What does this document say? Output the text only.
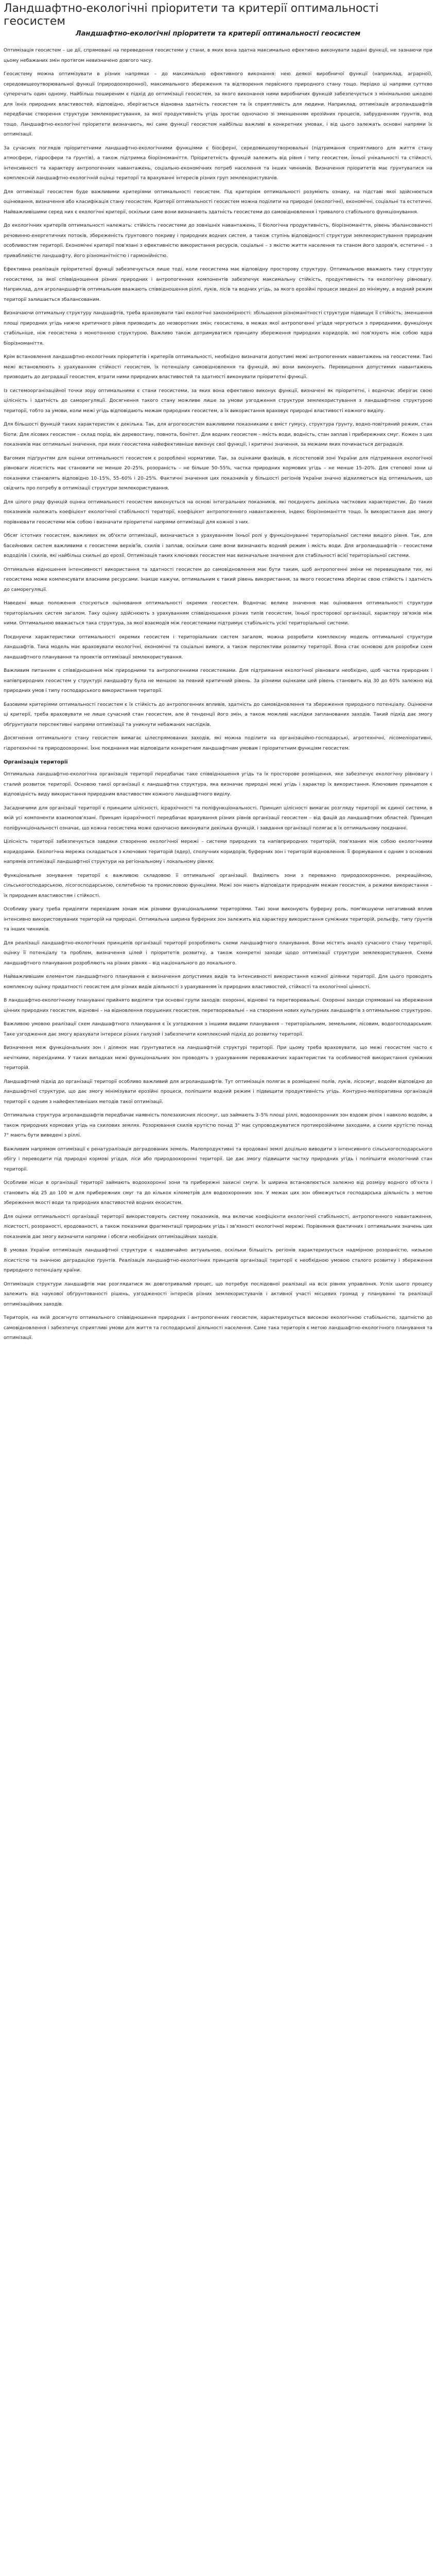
Ландшафтно-екологічні пріоритети та критерії оптимальності геосистем
Ландшафтно-екологічні пріоритети та критерії оптимальності геосистем

Оптимізація геосистем – це дії, спрямовані на переведення геосистеми у стани, в яких вона здатна максимально ефективно виконувати задані функції, не зазнаючи при цьому небажаних змін протягом невизначено довгого часу.

Геосистему можна оптимізувати в різних напрямах – до максимально ефективного виконання: нею деякої виробничої функції (наприклад, аграрної), середовищеоутворювальної функції (природоохоронної), максимального збереження та відтворення первісного природного стану тощо. Нерідко ці напрями суттєво суперечать один одному. Найбільш поширеним є підхід до оптимізації геосистем, за якого виконання ними виробничих функцій забезпечується з мінімальною шкодою для їхніх природних властивостей, відповідно, зберігається відновна здатність геосистем та їх сприятливість для людини. Наприклад, оптимізація агроландшафтів передбачає створення структури землекористування, за якої продуктивність угідь зростає одночасно зі зменшенням ерозійних процесів, забрудненням ґрунтів, вод тощо. Ландшафтно-екологічні пріоритети визначають, які саме функції геосистем найбільш важливі в конкретних умовах, і від цього залежать основні напрями їх оптимізації.

За сучасних поглядів пріоритетними ландшафтно-екологічними функціями є біосферні, середовищеоутворювальні (підтримання сприятливого для життя стану атмосфери, гідросфери та ґрунтів), а також підтримка біорізноманіття. Пріоритетність функцій залежить від рівня і типу геосистем, їхньої унікальності та стійкості, інтенсивності та характеру антропогенних навантажень, соціально-економічних потреб населення та інших чинників. Визначення пріоритетів має ґрунтуватися на комплексній ландшафтно-екологічній оцінці території та врахуванні інтересів різних груп землекористувачів.

Для оптимізації геосистем буде важливими критеріями оптимальності геосистем. Під критерієм оптимальності розуміють ознаку, на підставі якої здійснюється оцінювання, визначення або класифікація стану геосистем. Критерії оптимальності геосистем можна поділити на природні (екологічні), економічні, соціальні та естетичні. Найважливішими серед них є екологічні критерії, оскільки саме вони визначають здатність геосистеми до самовідновлення і тривалого стабільного функціонування.

До екологічних критеріїв оптимальності належать: стійкість геосистеми до зовнішніх навантажень, її біологічна продуктивність, біорізноманіття, рівень збалансованості речовинно-енергетичних потоків, збереженість ґрунтового покриву і природних водних систем, а також ступінь відповідності структури землекористування природним особливостям території. Економічні критерії пов'язані з ефективністю використання ресурсів, соціальні – з якістю життя населення та станом його здоров'я, естетичні – з привабливістю ландшафту, його різноманітністю і гармонійністю.

Ефективна реалізація пріоритетної функції забезпечується лише тоді, коли геосистема має відповідну просторову структуру. Оптимальною вважають таку структуру геосистеми, за якої співвідношення різних природних і антропогенних компонентів забезпечує максимальну стійкість, продуктивність та екологічну рівновагу. Наприклад, для агроландшафтів оптимальним вважають співвідношення ріллі, луків, лісів та водних угідь, за якого ерозійні процеси зведені до мінімуму, а водний режим території залишається збалансованим.

Визначаючи оптимальну структуру ландшафтів, треба враховувати такі екологічні закономірності: збільшення різноманітності структури підвищує її стійкість; зменшення площі природних угідь нижче критичного рівня призводить до незворотних змін; геосистема, в межах якої антропогенні угіддя чергуються з природними, функціонує стабільніше, ніж геосистема з монотонною структурою. Важливо також дотримуватися принципу збереження природних коридорів, які пов'язують між собою ядра біорізноманіття.

Крім встановлення ландшафтно-екологічних пріоритетів і критеріїв оптимальності, необхідно визначати допустимі межі антропогенних навантажень на геосистеми. Такі межі встановлюють з урахуванням стійкості геосистем, їх потенціалу самовідновлення та функцій, які вони виконують. Перевищення допустимих навантажень призводить до деградації геосистем, втрати ними природних властивостей та здатності виконувати пріоритетні функції.

Із системоорганізаційної точки зору оптимальними є стани геосистеми, за яких вона ефективно виконує функції, визначені як пріоритетні, і водночас зберігає свою цілісність і здатність до саморегуляції. Досягнення такого стану можливе лише за умови узгодження структури землекористування з ландшафтною структурою території, тобто за умови, коли межі угідь відповідають межам природних геосистем, а їх використання враховує природні властивості кожного виділу.

Для більшості функцій таких характеристик є декілька. Так, для агрогеосистем важливими показниками є вміст гумусу, структура ґрунту, водно-повітряний режим, стан біоти. Для лісових геосистем – склад порід, вік деревостану, повнота, бонітет. Для водних геосистем – якість води, водність, стан заплав і прибережних смуг. Кожен з цих показників має оптимальні значення, при яких геосистема найефективніше виконує свої функції, і критичні значення, за межами яких починається деградація.

Вагомим підґрунтям для оцінки оптимальності геосистем є розроблені нормативи. Так, за оцінками фахівців, в лісостеповій зоні України для підтримання екологічної рівноваги лісистість має становити не менше 20–25%, розораність – не більше 50–55%, частка природних кормових угідь – не менше 15–20%. Для степової зони ці показники становлять відповідно 10–15%, 55–60% і 20–25%. Фактичні значення цих показників у більшості регіонів України значно відхиляються від оптимальних, що свідчить про потребу в оптимізації структури землекористування.

Для цілого ряду функцій оцінка оптимальності геосистем виконується на основі інтегральних показників, які поєднують декілька часткових характеристик. До таких показників належать коефіцієнт екологічної стабільності території, коефіцієнт антропогенного навантаження, індекс біорізноманіття тощо. Їх використання дає змогу порівнювати геосистеми між собою і визначати пріоритетні напрями оптимізації для кожної з них.

Обсяг істотних геосистем, важливих як об'єкти оптимізації, визначається з урахуванням їхньої ролі у функціонуванні територіальної системи вищого рівня. Так, для басейнових систем важливими є геосистеми верхів'їв, схилів і заплав, оскільки саме вони визначають водний режим і якість води. Для агроландшафтів – геосистеми вододілів і схилів, які найбільш схильні до ерозії. Оптимізація таких ключових геосистем має визначальне значення для стабільності всієї територіальної системи.

Оптимальне відношення інтенсивності використання та здатності геосистем до самовідновлення має бути таким, щоб антропогенні зміни не перевищували тих, які геосистема може компенсувати власними ресурсами. Інакше кажучи, оптимальним є такий рівень використання, за якого геосистема зберігає свою стійкість і здатність до саморегуляції.

Наведені вище положення стосуються оцінювання оптимальності окремих геосистем. Водночас велике значення має оцінювання оптимальності структури територіальних систем загалом. Таку оцінку здійснюють з урахуванням співвідношення різних типів геосистем, їхньої просторової організації, характеру зв'язків між ними. Оптимальною вважається така структура, за якої взаємодія між геосистемами підтримує стабільність усієї територіальної системи.

Поєднуючи характеристики оптимальності окремих геосистем і територіальних систем загалом, можна розробити комплексну модель оптимальної структури ландшафтів. Така модель має враховувати екологічні, економічні та соціальні вимоги, а також перспективи розвитку території. Вона стає основою для розробки схем ландшафтного планування та проектів оптимізації землекористування.

Важливим питанням є співвідношення між природними та антропогенними геосистемами. Для підтримання екологічної рівноваги необхідно, щоб частка природних і напівприродних геосистем у структурі ландшафту була не меншою за певний критичний рівень. За різними оцінками цей рівень становить від 30 до 60% залежно від природних умов і типу господарського використання території.

Базовими критеріями оптимальності геосистем є їх стійкість до антропогенних впливів, здатність до самовідновлення та збереження природного потенціалу. Оцінюючи ці критерії, треба враховувати не лише сучасний стан геосистем, але й тенденції його змін, а також можливі наслідки запланованих заходів. Такий підхід дає змогу обґрунтувати перспективні напрями оптимізації та уникнути небажаних наслідків.

Досягнення оптимального стану геосистем вимагає цілеспрямованих заходів, які можна поділити на організаційно-господарські, агротехнічні, лісомеліоративні, гідротехнічні та природоохоронні. Їхнє поєднання має відповідати конкретним ландшафтним умовам і пріоритетним функціям геосистем.

Організація території

Оптимальна ландшафтно-екологічна організація території передбачає таке співвідношення угідь та їх просторове розміщення, яке забезпечує екологічну рівновагу і сталий розвиток території. Основою такої організації є ландшафтна структура, яка визначає природні межі угідь і характер їх використання. Ключовим принципом є відповідність виду використання природним властивостям кожного ландшафтного виділу.

Засадничими для організації території є принципи цілісності, ієрархічності та поліфункціональності. Принцип цілісності вимагає розгляду території як єдиної системи, в якій усі компоненти взаємопов'язані. Принцип ієрархічності передбачає врахування різних рівнів організації геосистем – від фацій до ландшафтних областей. Принцип поліфункціональності означає, що кожна геосистема може одночасно виконувати декілька функцій, і завдання організації полягає в їх оптимальному поєднанні.

Цілісність території забезпечується завдяки створенню екологічної мережі – системи природних та напівприродних територій, пов'язаних між собою екологічними коридорами. Екологічна мережа складається з ключових територій (ядер), сполучних коридорів, буферних зон і територій відновлення. Її формування є одним з основних напрямів оптимізації ландшафтної структури на регіональному і локальному рівнях.

Функціональне зонування території є важливою складовою її оптимальної організації. Виділяють зони з переважно природоохоронною, рекреаційною, сільськогосподарською, лісогосподарською, селитебною та промисловою функціями. Межі зон мають відповідати природним межам геосистем, а режими використання – їх природним властивостям і стійкості.

Особливу увагу треба приділяти перехідним зонам між різними функціональними територіями. Такі зони виконують буферну роль, пом'якшуючи негативний вплив інтенсивно використовуваних територій на природні. Оптимальна ширина буферних зон залежить від характеру використання суміжних територій, рельєфу, типу ґрунтів та інших чинників.

Для реалізації ландшафтно-екологічних принципів організації території розробляють схеми ландшафтного планування. Вони містять аналіз сучасного стану території, оцінку її потенціалу та проблем, визначення цілей і пріоритетів розвитку, а також конкретні заходи щодо оптимізації структури землекористування. Схеми ландшафтного планування розробляють на різних рівнях – від національного до локального.

Найважливішим елементом ландшафтного планування є визначення допустимих видів та інтенсивності використання кожної ділянки території. Для цього проводять комплексну оцінку придатності геосистем для різних видів діяльності з урахуванням їх природних властивостей, стійкості та екологічної цінності.

В ландшафтно-екологічному плануванні прийнято виділяти три основні групи заходів: охоронні, відновні та перетворювальні. Охоронні заходи спрямовані на збереження цінних природних геосистем, відновні – на відновлення порушених геосистем, перетворювальні – на створення нових культурних ландшафтів з оптимальною структурою.

Важливою умовою реалізації схем ландшафтного планування є їх узгодження з іншими видами планування – територіальним, земельним, лісовим, водогосподарським. Таке узгодження дає змогу врахувати інтереси різних галузей і забезпечити комплексний підхід до розвитку території.

Визначення меж функціональних зон і ділянок має ґрунтуватися на ландшафтній структурі території. При цьому треба враховувати, що межі геосистем часто є нечіткими, перехідними. У таких випадках межі функціональних зон проводять з урахуванням переважаючих характеристик та особливостей використання суміжних територій.

Ландшафтний підхід до організації території особливо важливий для агроландшафтів. Тут оптимізація полягає в розміщенні полів, луків, лісосмуг, водойм відповідно до ландшафтної структури, що дає змогу мінімізувати ерозійні процеси, поліпшити водний режим і підвищити продуктивність угідь. Контурно-меліоративна організація території є одним з найефективніших методів такої оптимізації.

Оптимальна структура агроландшафтів передбачає наявність полезахисних лісосмуг, що займають 3–5% площі ріллі, водоохоронних зон вздовж річок і навколо водойм, а також природних кормових угідь на схилових землях. Розорювання схилів крутістю понад 3° має супроводжуватися протиерозійними заходами, а схили крутістю понад 7° мають бути виведені з ріллі.

Важливим напрямом оптимізації є ренатуралізація деградованих земель. Малопродуктивні та еродовані землі доцільно виводити з інтенсивного сільськогосподарського обігу і переводити під природні кормові угіддя, ліси або природоохоронні території. Це дає змогу підвищити частку природних угідь і поліпшити екологічний стан території.

Особливе місце в організації території займають водоохоронні зони та прибережні захисні смуги. Їх ширина встановлюється залежно від розміру водного об'єкта і становить від 25 до 100 м для прибережних смуг та до кількох кілометрів для водоохоронних зон. У межах цих зон обмежується господарська діяльність з метою збереження якості води та природних властивостей водних екосистем.

Для оцінки оптимальності організації території використовують систему показників, яка включає коефіцієнти екологічної стабільності, антропогенного навантаження, лісистості, розораності, еродованості, а також показники фрагментації природних угідь і зв'язності екологічної мережі. Порівняння фактичних і оптимальних значень цих показників дає змогу визначити напрями і обсяги необхідних оптимізаційних заходів.

В умовах України оптимізація ландшафтної структури є надзвичайно актуальною, оскільки більшість регіонів характеризується надмірною розораністю, низькою лісистістю та значною деградацією ґрунтів. Реалізація ландшафтно-екологічних принципів організації території є необхідною умовою сталого розвитку і збереження природного потенціалу країни.

Оптимізація структури ландшафтів має розглядатися як довготривалий процес, що потребує послідовної реалізації на всіх рівнях управління. Успіх цього процесу залежить від наукової обґрунтованості рішень, узгодженості інтересів різних землекористувачів і активної участі місцевих громад у плануванні та реалізації оптимізаційних заходів.

Територія, на якій досягнуто оптимального співвідношення природних і антропогенних геосистем, характеризується високою екологічною стабільністю, здатністю до самовідновлення і забезпечує сприятливі умови для життя та господарської діяльності населення. Саме така територія є метою ландшафтно-екологічного планування та оптимізації.
